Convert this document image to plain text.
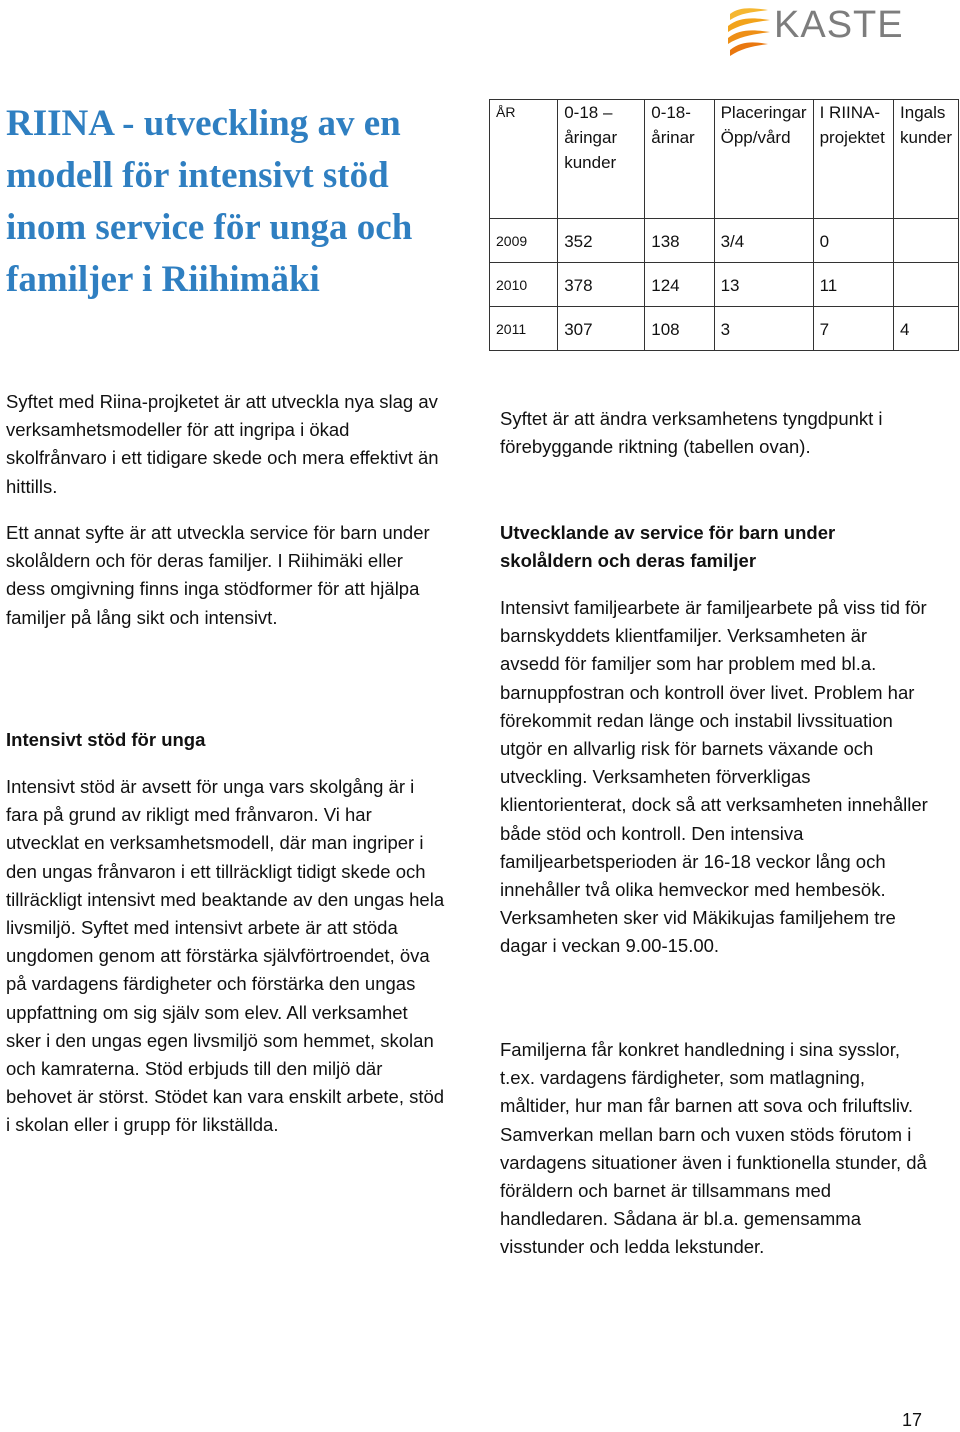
KASTE
RIINA - utveckling av en modell för intensivt stöd inom service för unga och familjer i Riihimäki
ÅR	0-18 –åringar kunder	0-18-årinar	Placeringar Öpp/vård	I RIINA-projektet	Ingals kunder
2009	352	138	3/4	0	
2010	378	124	13	11	
2011	307	108	3	7	4

Syftet med Riina-projketet är att utveckla nya slag av verksamhetsmodeller för att ingripa i ökad skolfrånvaro i ett tidigare skede och mera effektivt än hittills.

Ett annat syfte är att utveckla service för barn under skolåldern och för deras familjer. I Riihimäki eller dess omgivning finns inga stödformer för att hjälpa familjer på lång sikt och intensivt.

Intensivt stöd för unga

Intensivt stöd är avsett för unga vars skolgång är i fara på grund av rikligt med frånvaron. Vi har utvecklat en verksamhetsmodell, där man ingriper i den ungas frånvaron i ett tillräckligt tidigt skede och tillräckligt intensivt med beaktande av den ungas hela livsmiljö. Syftet med intensivt arbete är att stöda ungdomen genom att förstärka självförtroendet, öva på vardagens färdigheter och förstärka den ungas uppfattning om sig själv som elev. All verksamhet sker i den ungas egen livsmiljö som hemmet, skolan och kamraterna. Stöd erbjuds till den miljö där behovet är störst. Stödet kan vara enskilt arbete, stöd i skolan eller i grupp för likställda.

Syftet är att ändra verksamhetens tyngdpunkt i förebyggande riktning (tabellen ovan).

Utvecklande av service för barn under skolåldern och deras familjer

Intensivt familjearbete är familjearbete på viss tid för barnskyddets klientfamiljer. Verksamheten är avsedd för familjer som har problem med bl.a. barnuppfostran och kontroll över livet. Problem har förekommit redan länge och instabil livssituation utgör en allvarlig risk för barnets växande och utveckling. Verksamheten förverkligas klientorienterat, dock så att verksamheten innehåller både stöd och kontroll. Den intensiva familjearbetsperioden är 16-18 veckor lång och innehåller två olika hemveckor med hembesök. Verksamheten sker vid Mäkikujas familjehem tre dagar i veckan 9.00-15.00.

Familjerna får konkret handledning i sina sysslor, t.ex. vardagens färdigheter, som matlagning, måltider, hur man får barnen att sova och friluftsliv. Samverkan mellan barn och vuxen stöds förutom i vardagens situationer även i funktionella stunder, då föräldern och barnet är tillsammans med handledaren. Sådana är bl.a. gemensamma visstunder och ledda lekstunder.

17
